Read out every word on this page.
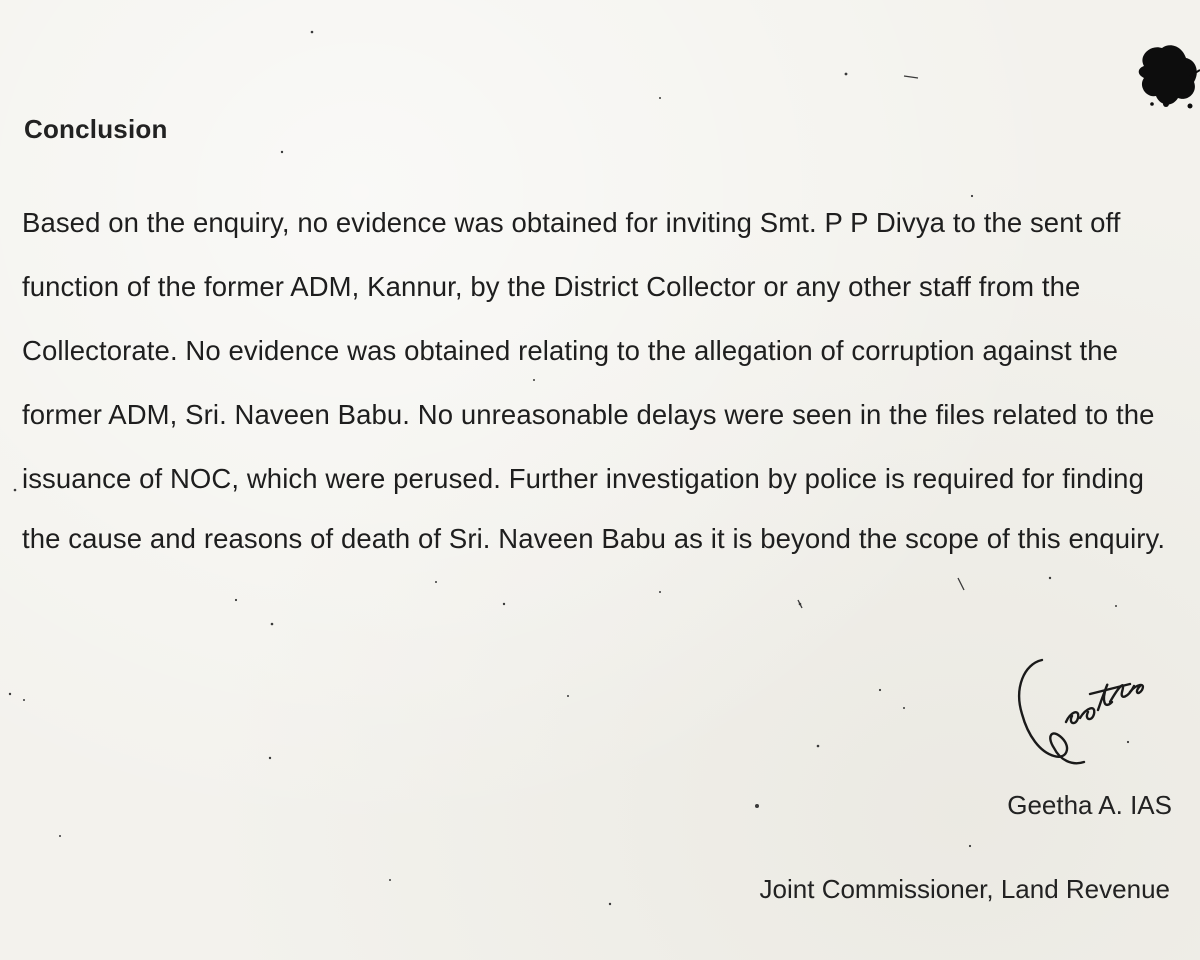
Conclusion
Based on the enquiry, no evidence was obtained for inviting Smt. P P Divya to the sent off
function of the former ADM, Kannur, by the District Collector or any other staff from the
Collectorate. No evidence was obtained relating to the allegation of corruption against the
former ADM, Sri. Naveen Babu. No unreasonable delays were seen in the files related to the
issuance of NOC, which were perused. Further investigation by police is required for finding
the cause and reasons of death of Sri. Naveen Babu as it is beyond the scope of this enquiry.
Geetha A. IAS
Joint Commissioner, Land Revenue
